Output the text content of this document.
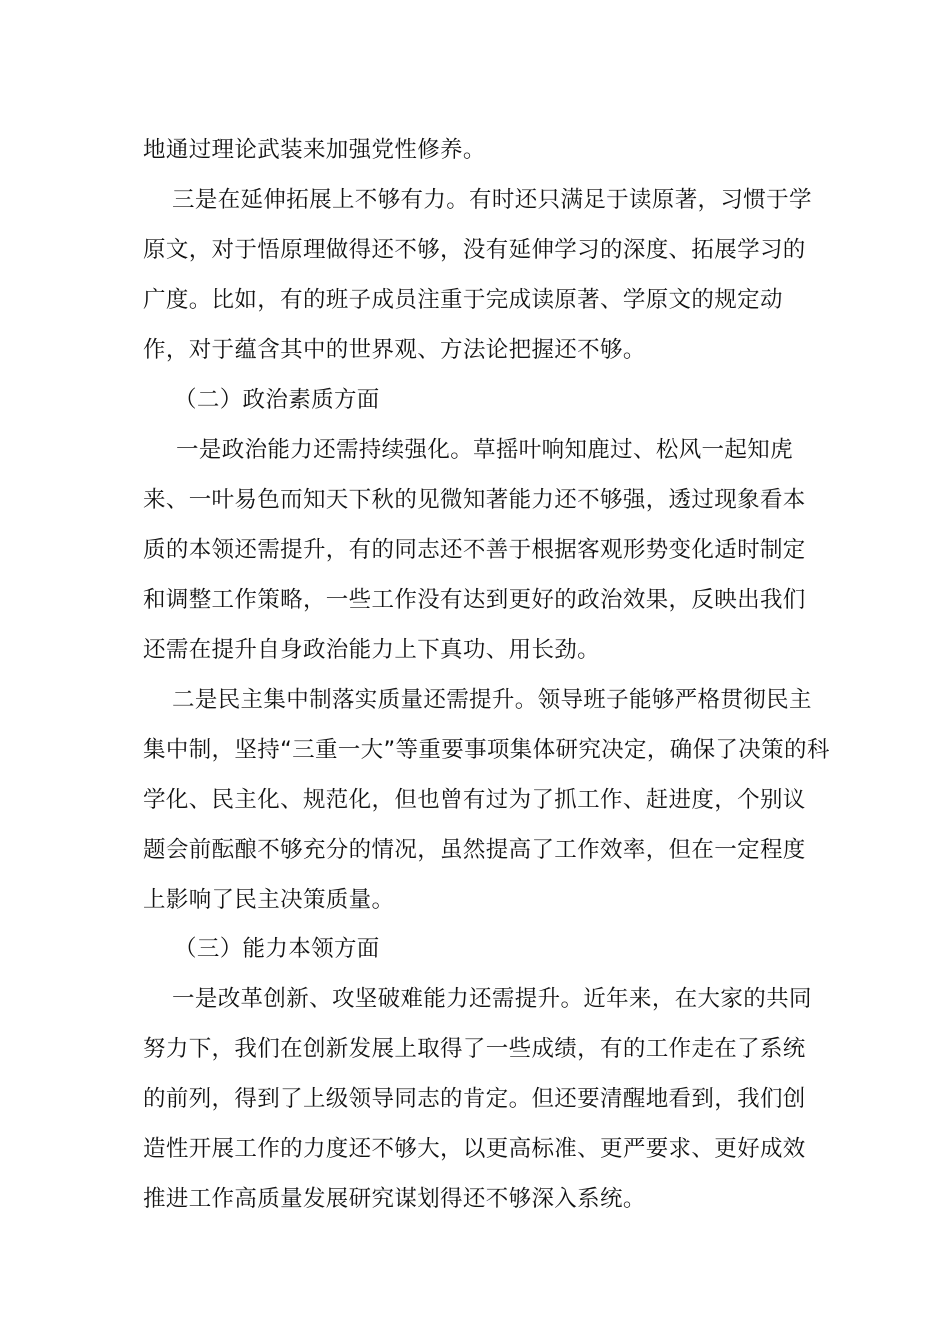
地通过理论武装来加强党性修养。
三是在延伸拓展上不够有力。有时还只满足于读原著，习惯于学
原文，对于悟原理做得还不够，没有延伸学习的深度、拓展学习的
广度。比如，有的班子成员注重于完成读原著、学原文的规定动
作，对于蕴含其中的世界观、方法论把握还不够。
（二）政治素质方面
一是政治能力还需持续强化。草摇叶响知鹿过、松风一起知虎
来、一叶易色而知天下秋的见微知著能力还不够强，透过现象看本
质的本领还需提升，有的同志还不善于根据客观形势变化适时制定
和调整工作策略，一些工作没有达到更好的政治效果，反映出我们
还需在提升自身政治能力上下真功、用长劲。
二是民主集中制落实质量还需提升。领导班子能够严格贯彻民主
集中制，坚持“三重一大”等重要事项集体研究决定，确保了决策的科
学化、民主化、规范化，但也曾有过为了抓工作、赶进度，个别议
题会前酝酿不够充分的情况，虽然提高了工作效率，但在一定程度
上影响了民主决策质量。
（三）能力本领方面
一是改革创新、攻坚破难能力还需提升。近年来，在大家的共同
努力下，我们在创新发展上取得了一些成绩，有的工作走在了系统
的前列，得到了上级领导同志的肯定。但还要清醒地看到，我们创
造性开展工作的力度还不够大，以更高标准、更严要求、更好成效
推进工作高质量发展研究谋划得还不够深入系统。
